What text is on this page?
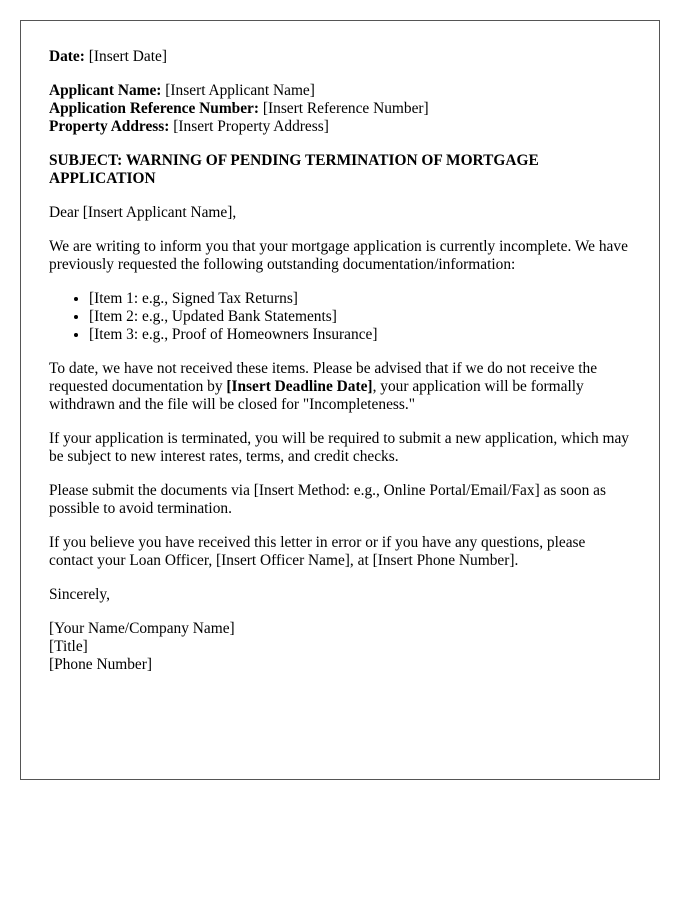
Date: [Insert Date]
Applicant Name: [Insert Applicant Name]
Application Reference Number: [Insert Reference Number]
Property Address: [Insert Property Address]
SUBJECT: WARNING OF PENDING TERMINATION OF MORTGAGE APPLICATION

Dear [Insert Applicant Name],

We are writing to inform you that your mortgage application is currently incomplete. We have previously requested the following outstanding documentation/information:

• [Item 1: e.g., Signed Tax Returns]
• [Item 2: e.g., Updated Bank Statements]
• [Item 3: e.g., Proof of Homeowners Insurance]

To date, we have not received these items. Please be advised that if we do not receive the requested documentation by [Insert Deadline Date], your application will be formally withdrawn and the file will be closed for "Incompleteness."

If your application is terminated, you will be required to submit a new application, which may be subject to new interest rates, terms, and credit checks.

Please submit the documents via [Insert Method: e.g., Online Portal/Email/Fax] as soon as possible to avoid termination.

If you believe you have received this letter in error or if you have any questions, please contact your Loan Officer, [Insert Officer Name], at [Insert Phone Number].

Sincerely,

[Your Name/Company Name]
[Title]
[Phone Number]
